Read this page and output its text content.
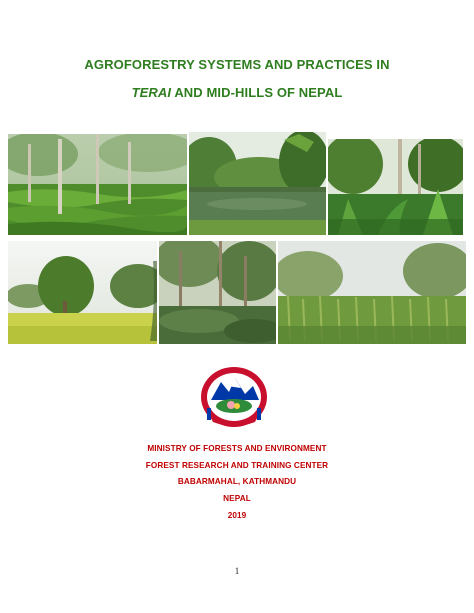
AGROFORESTRY SYSTEMS AND PRACTICES IN
TERAI AND MID-HILLS OF NEPAL
MINISTRY OF FORESTS AND ENVIRONMENT
FOREST RESEARCH AND TRAINING CENTER
BABARMAHAL, KATHMANDU
NEPAL
2019
1
